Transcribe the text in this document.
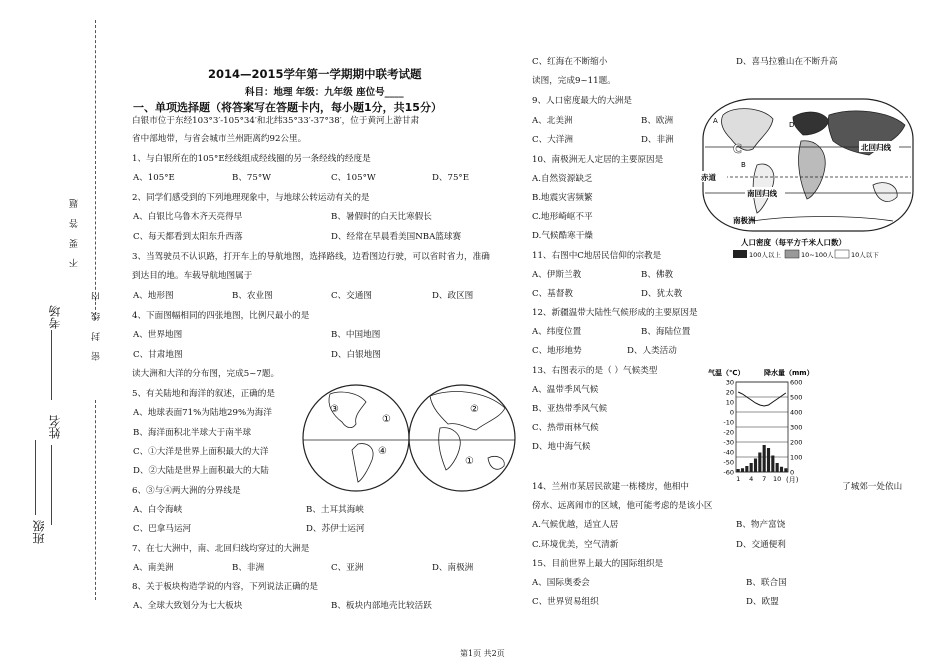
不 要 答 题
密 封 线 内
考场
姓名
班级
2014—2015学年第一学期期中联考试题
科目：地理 年级：九年级 座位号____
一、单项选择题（将答案写在答题卡内，每小题1分，共15分）
白银市位于东经103°3′-105°34′和北纬35°33′-37°38′，位于黄河上游甘肃
省中部地带，与省会城市兰州距离约92公里。
1、与白银所在的105°E经线组成经线圈的另一条经线的经度是
A、105°E	B、75°W	C、105°W	D、75°E
2、同学们感受到的下列地理现象中，与地球公转运动有关的是
A、白银比乌鲁木齐天亮得早	B、暑假时的白天比寒假长
C、每天都看到太阳东升西落	D、经常在早晨看美国NBA篮球赛
3、当驾驶员不认识路，打开车上的导航地图，选择路线，边看图边行驶，可以省时省力，准确
到达目的地。车载导航地图属于
A、地形图	B、农业图	C、交通图	D、政区图
4、下面图幅相同的四张地图，比例尺最小的是
A、世界地图	B、中国地图
C、甘肃地图	D、白银地图
读大洲和大洋的分布图，完成5~7题。
5、有关陆地和海洋的叙述，正确的是
A、地球表面71%为陆地29%为海洋
B、海洋面积北半球大于南半球
C、①大洋是世界上面积最大的大洋
D、②大陆是世界上面积最大的大陆
6、③与④两大洲的分界线是
A、白令海峡	B、土耳其海峡
C、巴拿马运河	D、苏伊士运河
7、在七大洲中，南、北回归线均穿过的大洲是
A、南美洲	B、非洲	C、亚洲	D、南极洲
8、关于板块构造学说的内容，下列说法正确的是
A、全球大致划分为七大板块	B、板块内部地壳比较活跃
①
①
②
③
④
C、红海在不断缩小	D、喜马拉雅山在不断升高
读图，完成9~11题。
9、人口密度最大的大洲是
A、北美洲	B、欧洲
C、大洋洲	D、非洲
10、南极洲无人定居的主要原因是
A.自然资源缺乏
B.地震灾害频繁
C.地形崎岖不平
D.气候酷寒干燥
11、右图中C地居民信仰的宗教是
A、伊斯兰教	B、佛教
C、基督教	D、犹太教
12、新疆温带大陆性气候形成的主要原因是
A、纬度位置	B、海陆位置
C、地形地势	D、人类活动
13、右图表示的是（ ）气候类型
A、温带季风气候
B、亚热带季风气候
C、热带雨林气候
D、地中海气候
14、兰州市某居民欲建一栋楼房，他相中	了城郊一处依山
傍水、远离闹市的区域，他可能考虑的是该小区
A.气候优越，适宜人居	B、物产富饶
C.环境优美，空气清新	D、交通便利
15、目前世界上最大的国际组织是
A、国际奥委会	B、联合国
C、世界贸易组织	D、欧盟
北回归线
赤道
南回归线
南极洲
A
B
C
D
人口密度（每平方千米人口数）
100人以上	10~100人	10人以下
气温（℃）	降水量（mm）
0
100
200
300
400
500
600
-60
-50
-40
-30
-20
-10
0
10
20
30
1 4 7 10 (月)
第1页 共2页
